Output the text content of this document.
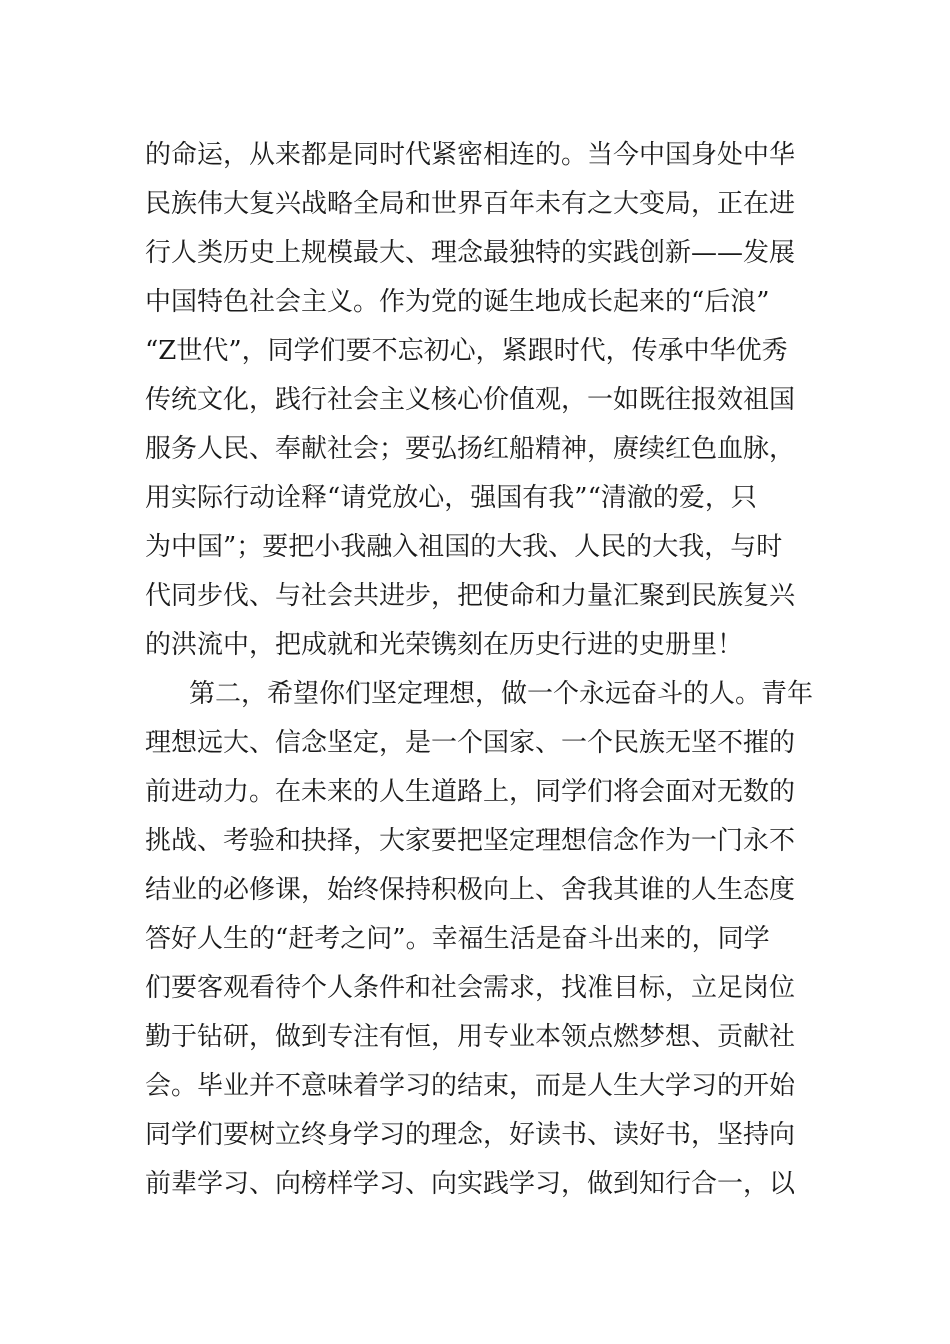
的命运，从来都是同时代紧密相连的。当今中国身处中华
民族伟大复兴战略全局和世界百年未有之大变局，正在进
行人类历史上规模最大、理念最独特的实践创新——发展
中国特色社会主义。作为党的诞生地成长起来的“后浪”
“Z世代”，同学们要不忘初心，紧跟时代，传承中华优秀
传统文化，践行社会主义核心价值观，一如既往报效祖国
服务人民、奉献社会；要弘扬红船精神，赓续红色血脉，
用实际行动诠释“请党放心，强国有我”“清澈的爱，只
为中国”；要把小我融入祖国的大我、人民的大我，与时
代同步伐、与社会共进步，把使命和力量汇聚到民族复兴
的洪流中，把成就和光荣镌刻在历史行进的史册里！
第二，希望你们坚定理想，做一个永远奋斗的人。青年
理想远大、信念坚定，是一个国家、一个民族无坚不摧的
前进动力。在未来的人生道路上，同学们将会面对无数的
挑战、考验和抉择，大家要把坚定理想信念作为一门永不
结业的必修课，始终保持积极向上、舍我其谁的人生态度
答好人生的“赶考之问”。幸福生活是奋斗出来的，同学
们要客观看待个人条件和社会需求，找准目标，立足岗位
勤于钻研，做到专注有恒，用专业本领点燃梦想、贡献社
会。毕业并不意味着学习的结束，而是人生大学习的开始
同学们要树立终身学习的理念，好读书、读好书，坚持向
前辈学习、向榜样学习、向实践学习，做到知行合一，以
